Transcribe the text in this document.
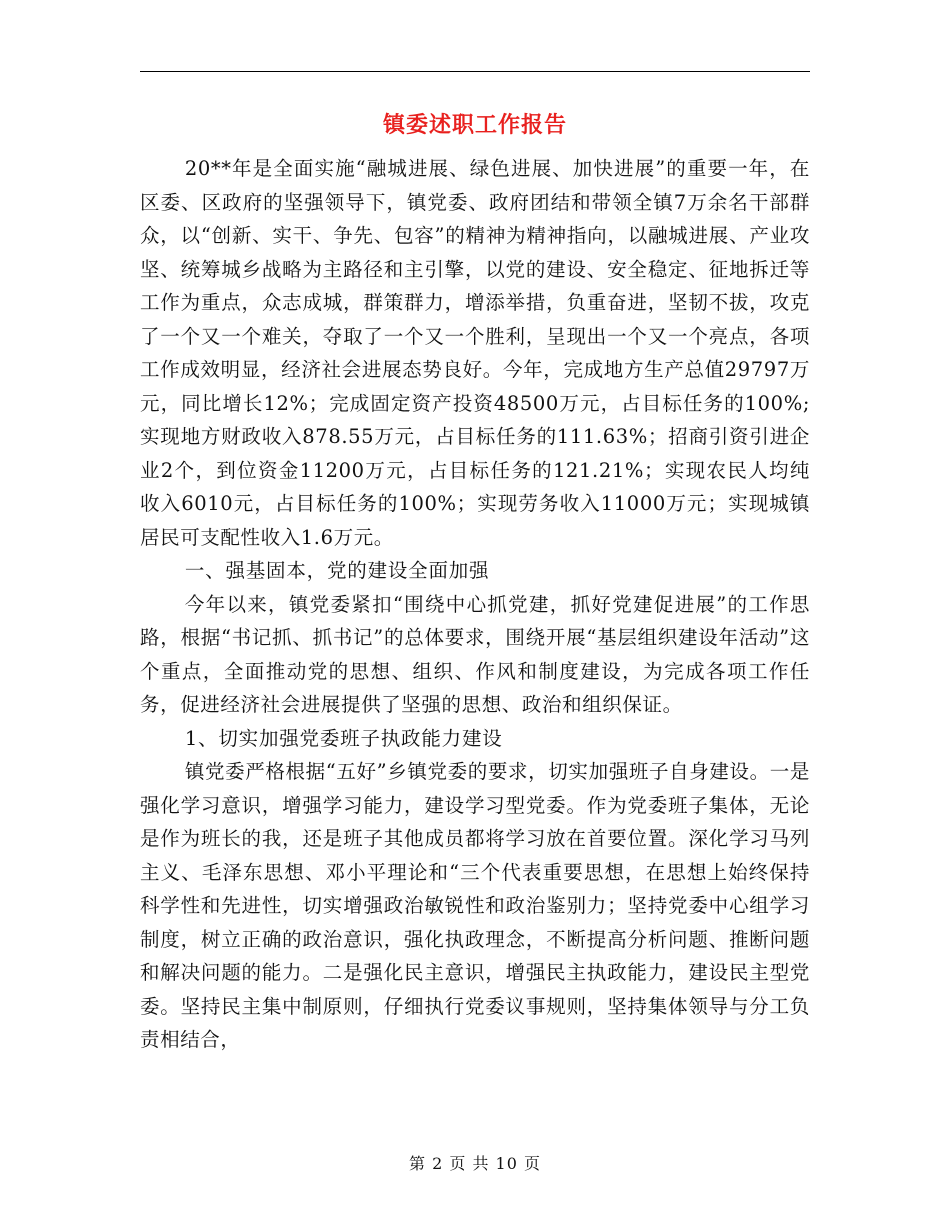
镇委述职工作报告

20**年是全面实施“融城进展、绿色进展、加快进展”的重要一年，在区委、区政府的坚强领导下，镇党委、政府团结和带领全镇7万余名干部群众，以“创新、实干、争先、包容”的精神为精神指向，以融城进展、产业攻坚、统筹城乡战略为主路径和主引擎，以党的建设、安全稳定、征地拆迁等工作为重点，众志成城，群策群力，增添举措，负重奋进，坚韧不拔，攻克了一个又一个难关，夺取了一个又一个胜利，呈现出一个又一个亮点，各项工作成效明显，经济社会进展态势良好。今年，完成地方生产总值29797万元，同比增长12%；完成固定资产投资48500万元，占目标任务的100%;实现地方财政收入878.55万元，占目标任务的111.63%；招商引资引进企业2个，到位资金11200万元，占目标任务的121.21%；实现农民人均纯收入6010元，占目标任务的100%；实现劳务收入11000万元；实现城镇居民可支配性收入1.6万元。

一、强基固本，党的建设全面加强

今年以来，镇党委紧扣“围绕中心抓党建，抓好党建促进展”的工作思路，根据“书记抓、抓书记”的总体要求，围绕开展“基层组织建设年活动”这个重点，全面推动党的思想、组织、作风和制度建设，为完成各项工作任务，促进经济社会进展提供了坚强的思想、政治和组织保证。

1、切实加强党委班子执政能力建设

镇党委严格根据“五好”乡镇党委的要求，切实加强班子自身建设。一是强化学习意识，增强学习能力，建设学习型党委。作为党委班子集体，无论是作为班长的我，还是班子其他成员都将学习放在首要位置。深化学习马列主义、毛泽东思想、邓小平理论和“三个代表重要思想，在思想上始终保持科学性和先进性，切实增强政治敏锐性和政治鉴别力；坚持党委中心组学习制度，树立正确的政治意识，强化执政理念，不断提高分析问题、推断问题和解决问题的能力。二是强化民主意识，增强民主执政能力，建设民主型党委。坚持民主集中制原则，仔细执行党委议事规则，坚持集体领导与分工负责相结合，

第 2 页 共 10 页
